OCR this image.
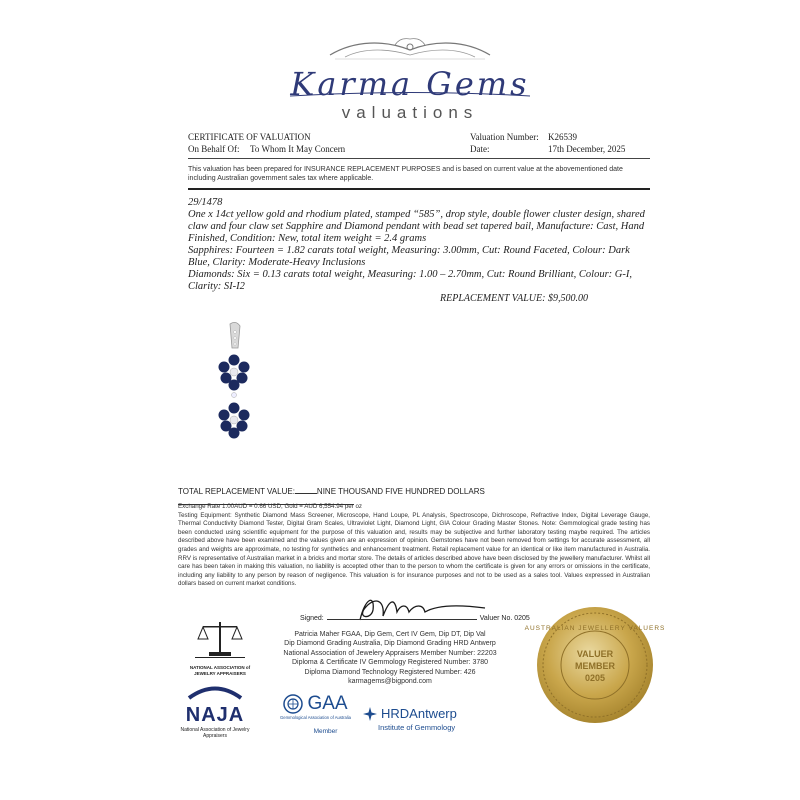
Karma Gems
valuations
CERTIFICATE OF VALUATION
On Behalf Of: To Whom It May Concern
Valuation Number: K26539
Date:	17th December, 2025
This valuation has been prepared for INSURANCE REPLACEMENT PURPOSES and is based on current value at the abovementioned date including Australian government sales tax where applicable.

29/1478

One x 14ct yellow gold and rhodium plated, stamped “585”, drop style, double flower cluster design, shared claw and four claw set Sapphire and Diamond pendant with bead set tapered bail, Manufacture: Cast, Hand Finished, Condition: New, total item weight = 2.4 grams

Sapphires: Fourteen = 1.82 carats total weight, Measuring: 3.00mm, Cut: Round Faceted, Colour: Dark Blue, Clarity: Moderate-Heavy Inclusions

Diamonds: Six = 0.13 carats total weight, Measuring: 1.00 – 2.70mm, Cut: Round Brilliant, Colour: G-I, Clarity: SI-I2

REPLACEMENT VALUE: $9,500.00
TOTAL REPLACEMENT VALUE:	NINE THOUSAND FIVE HUNDRED DOLLARS

Exchange Rate 1.00AUD = 0.66 USD, Gold = AUD 6,554.94 per oz

Testing Equipment: Synthetic Diamond Mass Screener, Microscope, Hand Loupe, PL Analysis, Spectroscope, Dichroscope, Refractive Index, Digital Leverage Gauge, Thermal Conductivity Diamond Tester, Digital Gram Scales, Ultraviolet Light, Diamond Light, GIA Colour Grading Master Stones. Note: Gemmological grade testing has been conducted using scientific equipment for the purpose of this valuation and, results may be subjective and further laboratory testing maybe required. The articles described above have been examined and the values given are an expression of opinion. Gemstones have not been removed from settings for accurate assessment, all grades and weights are approximate, no testing for synthetics and enhancement treatment. Retail replacement value for an identical or like item manufactured in Australia. RRV is representative of Australian market in a bricks and mortar store. The details of articles described above have been disclosed by the jewellery manufacturer. Whilst all care has been taken in making this valuation, no liability is accepted other than to the person to whom the certificate is given for any errors or omissions in the certificate, including any liability to any person by reason of negligence. This valuation is for insurance purposes and not to be used as a sales tool. Values expressed in Australian dollars based on current market conditions.

Signed:	Valuer No. 0205
Patricia Maher FGAA, Dip Gem, Cert IV Gem, Dip DT, Dip Val
Dip Diamond Grading Australia, Dip Diamond Grading HRD Antwerp
National Association of Jewelery Appraisers Member Number: 22203
Diploma & Certificate IV Gemmology Registered Number: 3780
Diploma Diamond Technology Registered Number: 426
karmagems@bigpond.com
NATIONAL ASSOCIATION of JEWELRY APPRAISERS
NAJA
National Association of Jewelry Appraisers
GAA
Gemmological Association of Australia
Member
HRDAntwerp
Institute of Gemmology
AUSTRALIAN JEWELLERY VALUERS
VALUER
MEMBER
0205
